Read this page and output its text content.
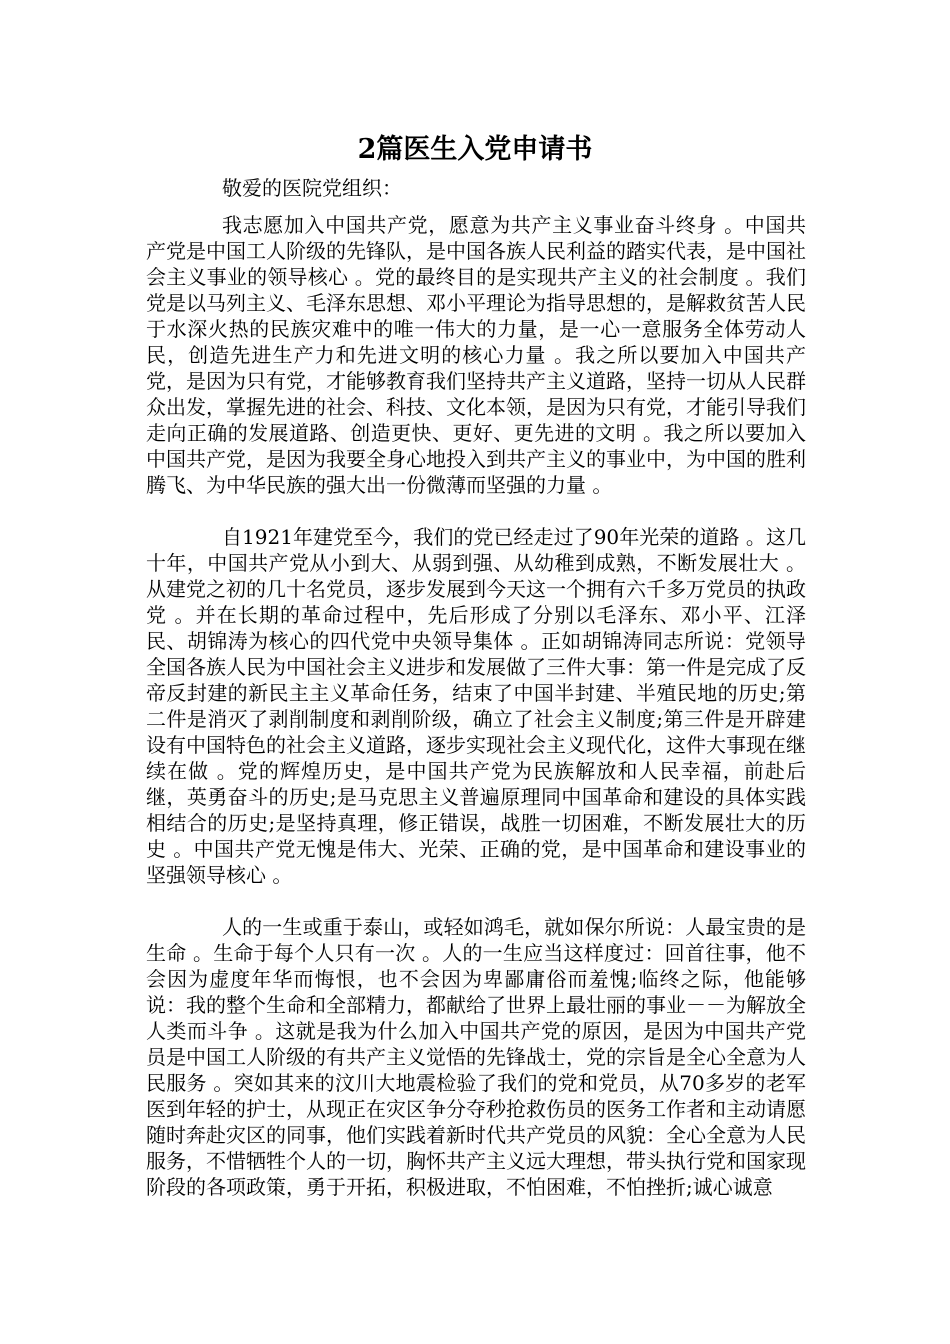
2篇医生入党申请书

敬爱的医院党组织：

我志愿加入中国共产党，愿意为共产主义事业奋斗终身 。中国共产党是中国工人阶级的先锋队，是中国各族人民利益的踏实代表，是中国社会主义事业的领导核心 。党的最终目的是实现共产主义的社会制度 。我们党是以马列主义、毛泽东思想、邓小平理论为指导思想的，是解救贫苦人民于水深火热的民族灾难中的唯一伟大的力量，是一心一意服务全体劳动人民，创造先进生产力和先进文明的核心力量 。我之所以要加入中国共产党，是因为只有党，才能够教育我们坚持共产主义道路，坚持一切从人民群众出发，掌握先进的社会、科技、文化本领，是因为只有党，才能引导我们走向正确的发展道路、创造更快、更好、更先进的文明 。我之所以要加入中国共产党，是因为我要全身心地投入到共产主义的事业中，为中国的胜利腾飞、为中华民族的强大出一份微薄而坚强的力量 。

自1921年建党至今，我们的党已经走过了90年光荣的道路 。这几十年，中国共产党从小到大、从弱到强、从幼稚到成熟，不断发展壮大 。从建党之初的几十名党员，逐步发展到今天这一个拥有六千多万党员的执政党 。并在长期的革命过程中，先后形成了分别以毛泽东、邓小平、江泽民、胡锦涛为核心的四代党中央领导集体 。正如胡锦涛同志所说：党领导全国各族人民为中国社会主义进步和发展做了三件大事：第一件是完成了反帝反封建的新民主主义革命任务，结束了中国半封建、半殖民地的历史;第二件是消灭了剥削制度和剥削阶级，确立了社会主义制度;第三件是开辟建设有中国特色的社会主义道路，逐步实现社会主义现代化，这件大事现在继续在做 。党的辉煌历史，是中国共产党为民族解放和人民幸福，前赴后继，英勇奋斗的历史;是马克思主义普遍原理同中国革命和建设的具体实践相结合的历史;是坚持真理，修正错误，战胜一切困难，不断发展壮大的历史 。中国共产党无愧是伟大、光荣、正确的党，是中国革命和建设事业的坚强领导核心 。

人的一生或重于泰山，或轻如鸿毛，就如保尔所说：人最宝贵的是生命 。生命于每个人只有一次 。人的一生应当这样度过：回首往事，他不会因为虚度年华而悔恨，也不会因为卑鄙庸俗而羞愧;临终之际，他能够说：我的整个生命和全部精力，都献给了世界上最壮丽的事业－－为解放全人类而斗争 。这就是我为什么加入中国共产党的原因，是因为中国共产党员是中国工人阶级的有共产主义觉悟的先锋战士，党的宗旨是全心全意为人民服务 。突如其来的汶川大地震检验了我们的党和党员，从70多岁的老军医到年轻的护士，从现正在灾区争分夺秒抢救伤员的医务工作者和主动请愿随时奔赴灾区的同事，他们实践着新时代共产党员的风貌：全心全意为人民服务，不惜牺牲个人的一切，胸怀共产主义远大理想，带头执行党和国家现阶段的各项政策，勇于开拓，积极进取，不怕困难，不怕挫折;诚心诚意
